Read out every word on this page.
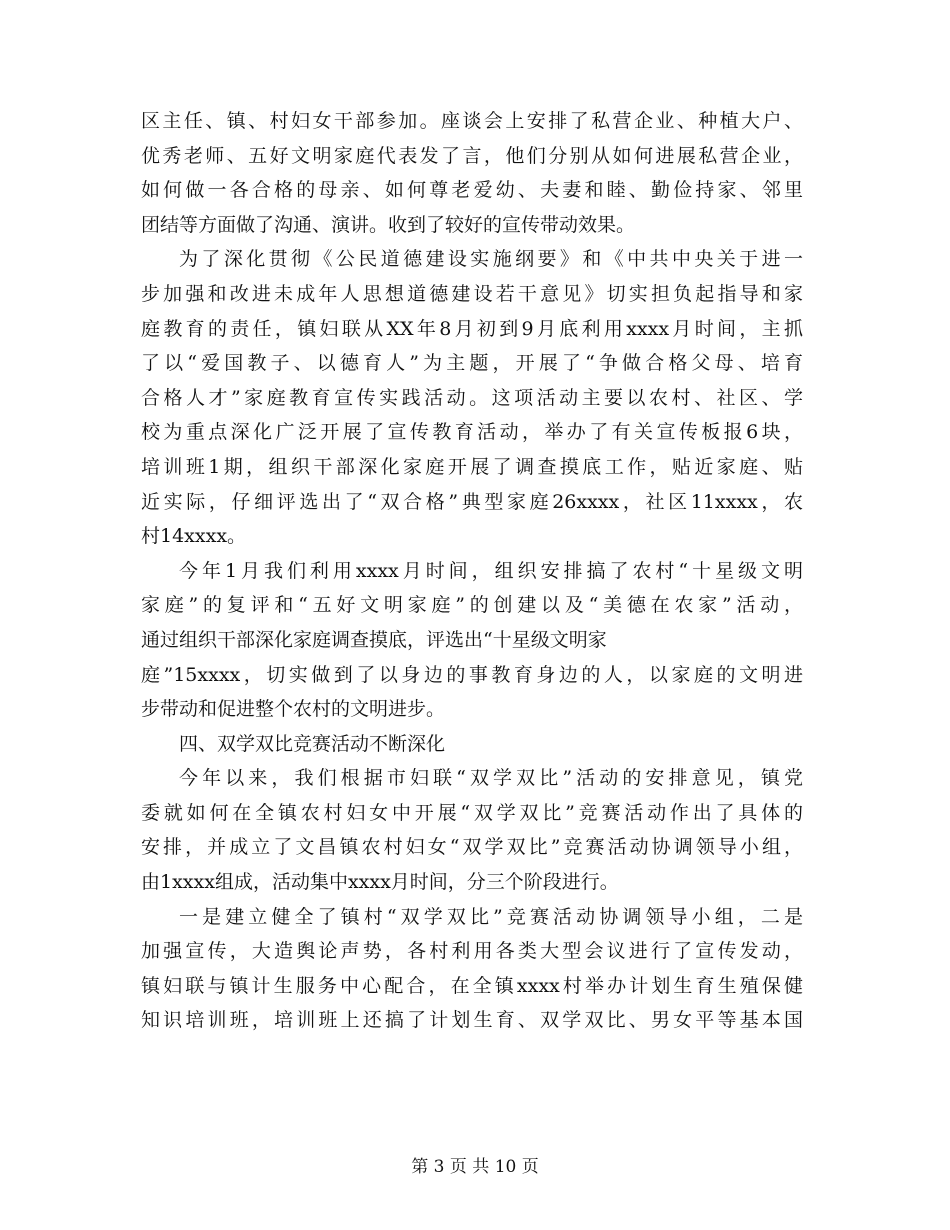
区主任、镇、村妇女干部参加。座谈会上安排了私营企业、种植大户、
优秀老师、五好文明家庭代表发了言，他们分别从如何进展私营企业，
如何做一各合格的母亲、如何尊老爱幼、夫妻和睦、勤俭持家、邻里
团结等方面做了沟通、演讲。收到了较好的宣传带动效果。
为了深化贯彻《公民道德建设实施纲要》和《中共中央关于进一
步加强和改进未成年人思想道德建设若干意见》切实担负起指导和家
庭教育的责任，镇妇联从XX年8月初到9月底利用xxxx月时间，主抓
了以“爱国教子、以德育人”为主题，开展了“争做合格父母、培育
合格人才”家庭教育宣传实践活动。这项活动主要以农村、社区、学
校为重点深化广泛开展了宣传教育活动，举办了有关宣传板报6块，
培训班1期，组织干部深化家庭开展了调查摸底工作，贴近家庭、贴
近实际，仔细评选出了“双合格”典型家庭26xxxx，社区11xxxx，农
村14xxxx。
今年1月我们利用xxxx月时间，组织安排搞了农村“十星级文明
家庭”的复评和“五好文明家庭”的创建以及“美德在农家”活动，
通过组织干部深化家庭调查摸底，评选出“十星级文明家
庭”15xxxx，切实做到了以身边的事教育身边的人，以家庭的文明进
步带动和促进整个农村的文明进步。
四、双学双比竞赛活动不断深化
今年以来，我们根据市妇联“双学双比”活动的安排意见，镇党
委就如何在全镇农村妇女中开展“双学双比”竞赛活动作出了具体的
安排，并成立了文昌镇农村妇女“双学双比”竞赛活动协调领导小组，
由1xxxx组成，活动集中xxxx月时间，分三个阶段进行。
一是建立健全了镇村“双学双比”竞赛活动协调领导小组，二是
加强宣传，大造舆论声势，各村利用各类大型会议进行了宣传发动，
镇妇联与镇计生服务中心配合，在全镇xxxx村举办计划生育生殖保健
知识培训班，培训班上还搞了计划生育、双学双比、男女平等基本国
第 3 页 共 10 页
